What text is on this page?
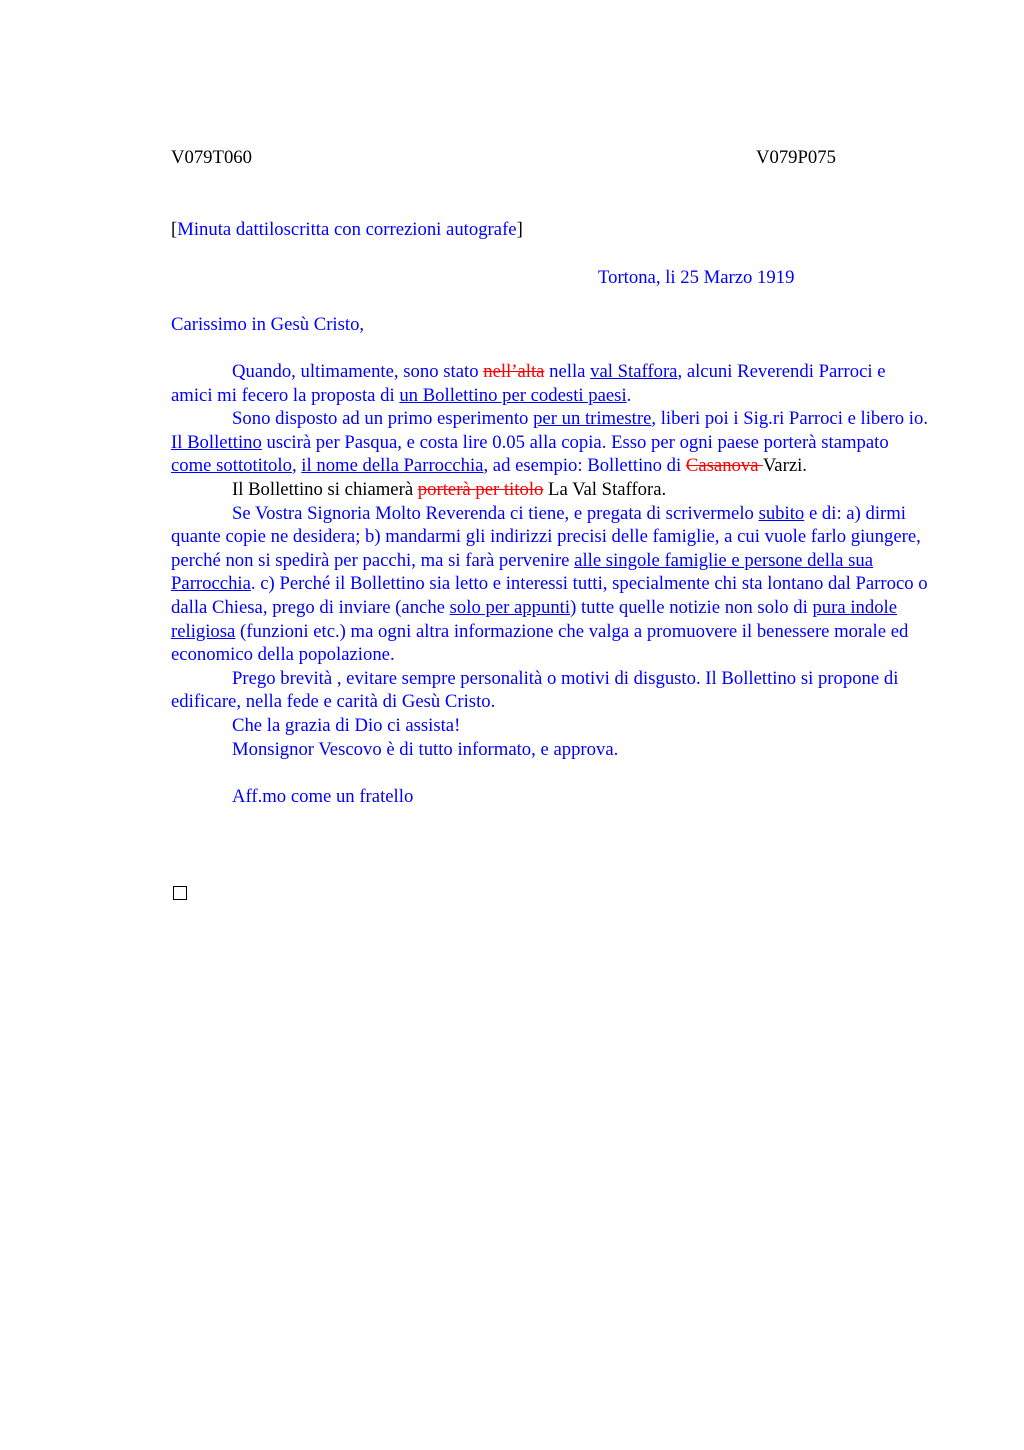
V079T060	V079P075
[Minuta dattiloscritta con correzioni autografe]
Tortona, li 25 Marzo 1919
Carissimo in Gesù Cristo,

Quando, ultimamente, sono stato nell’alta nella val Staffora, alcuni Reverendi Parroci e amici mi fecero la proposta di un Bollettino per codesti paesi.

Sono disposto ad un primo esperimento per un trimestre, liberi poi i Sig.ri Parroci e libero io.

Il Bollettino uscirà per Pasqua, e costa lire 0.05 alla copia. Esso per ogni paese porterà stampato come sottotitolo, il nome della Parrocchia, ad esempio: Bollettino di Casanova Varzi.

Il Bollettino si chiamerà porterà per titolo La Val Staffora.

Se Vostra Signoria Molto Reverenda ci tiene, e pregata di scrivermelo subito e di: a) dirmi quante copie ne desidera; b) mandarmi gli indirizzi precisi delle famiglie, a cui vuole farlo giungere, perché non si spedirà per pacchi, ma si farà pervenire alle singole famiglie e persone della sua Parrocchia. c) Perché il Bollettino sia letto e interessi tutti, specialmente chi sta lontano dal Parroco o dalla Chiesa, prego di inviare (anche solo per appunti) tutte quelle notizie non solo di pura indole religiosa (funzioni etc.) ma ogni altra informazione che valga a promuovere il benessere morale ed economico della popolazione.

Prego brevità , evitare sempre personalità o motivi di disgusto. Il Bollettino si propone di edificare, nella fede e carità di Gesù Cristo.

Che la grazia di Dio ci assista!

Monsignor Vescovo è di tutto informato, e approva.

Aff.mo come un fratello
